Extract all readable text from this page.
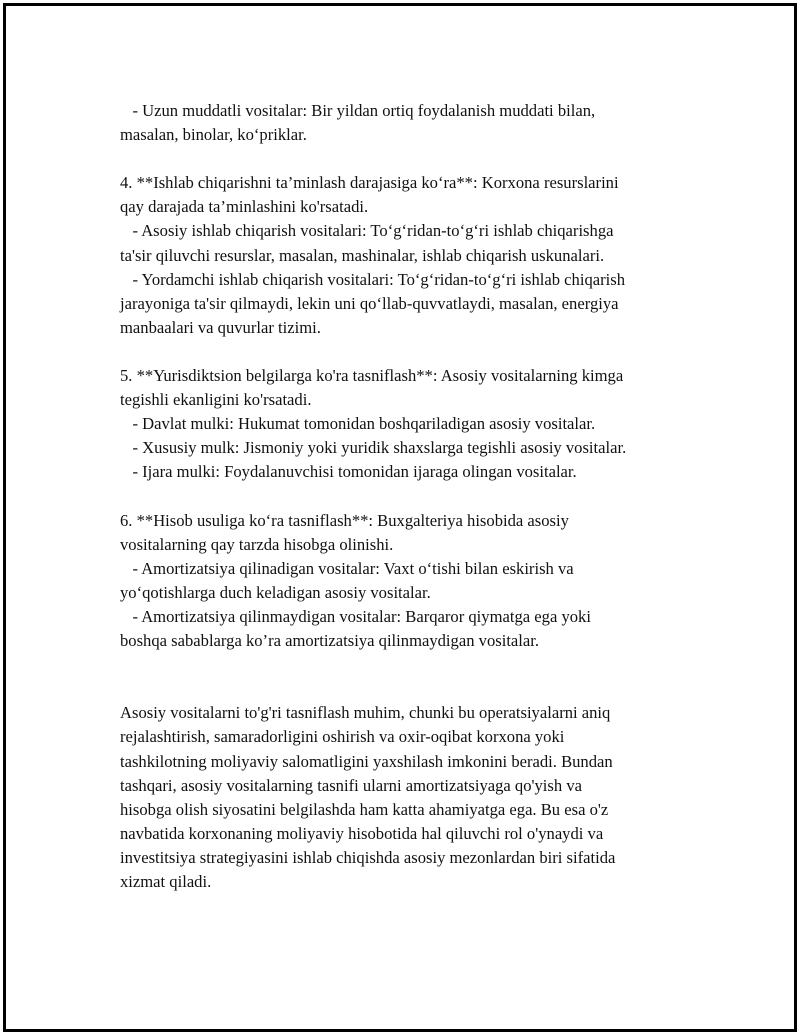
- Uzun muddatli vositalar: Bir yildan ortiq foydalanish muddati bilan,
masalan, binolar, ko‘priklar.
4. **Ishlab chiqarishni ta’minlash darajasiga ko‘ra**: Korxona resurslarini
qay darajada ta’minlashini ko'rsatadi.
- Asosiy ishlab chiqarish vositalari: To‘g‘ridan-to‘g‘ri ishlab chiqarishga
ta'sir qiluvchi resurslar, masalan, mashinalar, ishlab chiqarish uskunalari.
- Yordamchi ishlab chiqarish vositalari: To‘g‘ridan-to‘g‘ri ishlab chiqarish
jarayoniga ta'sir qilmaydi, lekin uni qo‘llab-quvvatlaydi, masalan, energiya
manbaalari va quvurlar tizimi.
5. **Yurisdiktsion belgilarga ko'ra tasniflash**: Asosiy vositalarning kimga
tegishli ekanligini ko'rsatadi.
- Davlat mulki: Hukumat tomonidan boshqariladigan asosiy vositalar.
- Xususiy mulk: Jismoniy yoki yuridik shaxslarga tegishli asosiy vositalar.
- Ijara mulki: Foydalanuvchisi tomonidan ijaraga olingan vositalar.
6. **Hisob usuliga ko‘ra tasniflash**: Buxgalteriya hisobida asosiy
vositalarning qay tarzda hisobga olinishi.
- Amortizatsiya qilinadigan vositalar: Vaxt o‘tishi bilan eskirish va
yo‘qotishlarga duch keladigan asosiy vositalar.
- Amortizatsiya qilinmaydigan vositalar: Barqaror qiymatga ega yoki
boshqa sabablarga ko’ra amortizatsiya qilinmaydigan vositalar.
Asosiy vositalarni to'g'ri tasniflash muhim, chunki bu operatsiyalarni aniq
rejalashtirish, samaradorligini oshirish va oxir-oqibat korxona yoki
tashkilotning moliyaviy salomatligini yaxshilash imkonini beradi. Bundan
tashqari, asosiy vositalarning tasnifi ularni amortizatsiyaga qo'yish va
hisobga olish siyosatini belgilashda ham katta ahamiyatga ega. Bu esa o'z
navbatida korxonaning moliyaviy hisobotida hal qiluvchi rol o'ynaydi va
investitsiya strategiyasini ishlab chiqishda asosiy mezonlardan biri sifatida
xizmat qiladi.
